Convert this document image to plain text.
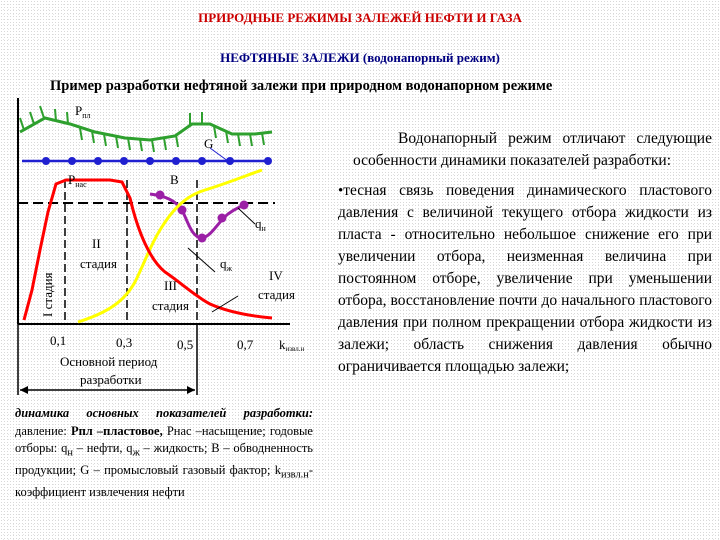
ПРИРОДНЫЕ РЕЖИМЫ ЗАЛЕЖЕЙ НЕФТИ И ГАЗА
НЕФТЯНЫЕ ЗАЛЕЖИ (водонапорный режим)
Пример разработки нефтяной залежи при природном водонапорном режиме
$Р_{пл}$
G
$Р_{нас}$	В
$q_н$
$q_ж$
I стадия
II
стадия
III
стадия
IV
стадия
0,1	0,3	0,5	0,7 kизвл.н
Основной период
разработки

Водонапорный режим отличают следующие особенности динамики показателей разработки:

•тесная связь поведения динамического пластового давления с величиной текущего отбора жидкости из пласта - относительно небольшое снижение его при увеличении отбора, неизменная величина при постоянном отборе, увеличение при уменьшении отбора, восстановление почти до начального пластового давления при полном прекращении отбора жидкости из залежи; область снижения давления обычно ограничивается площадью залежи;

динамика основных показателей разработки: давление: Рпл –пластовое, Рнас –насыщение; годовые отборы: $q_н$ – нефти, $q_ж$ – жидкость; В – обводненность продукции; G – промысловый газовый фактор; $k_{извл.н}$-коэффициент извлечения нефти
